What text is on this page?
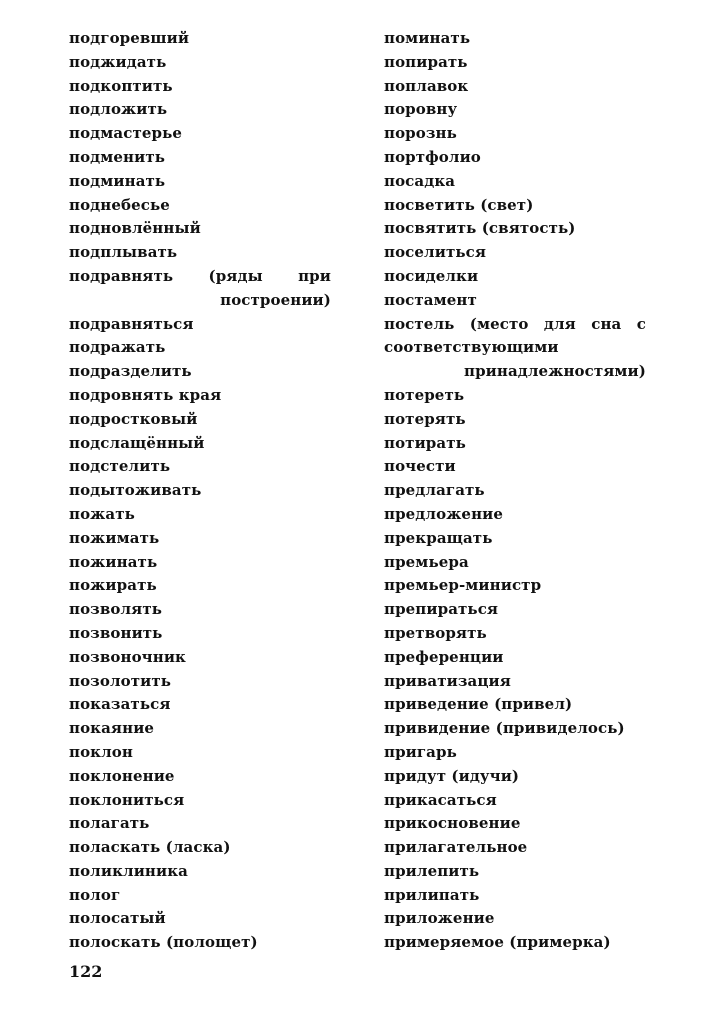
подгоревший
поджидать
подкоптить
подложить
подмастерье
подменить
подминать
поднебесье
подновлённый
подплывать
подравнять (ряды при построении)
подравняться
подражать
подразделить
подровнять края
подростковый
подслащённый
подстелить
подытоживать
пожать
пожимать
пожинать
пожирать
позволять
позвонить
позвоночник
позолотить
показаться
покаяние
поклон
поклонение
поклониться
полагать
поласкать (ласка)
поликлиника
полог
полосатый
полоскать (полощет)
поминать
попирать
поплавок
поровну
порознь
портфолио
посадка
посветить (свет)
посвятить (святость)
поселиться
посиделки
постамент
постель (место для сна с соответствующими принадлежностями)
потереть
потерять
потирать
почести
предлагать
предложение
прекращать
премьера
премьер-министр
препираться
претворять
преференции
приватизация
приведение (привел)
привидение (привиделось)
пригарь
придут (идучи)
прикасаться
прикосновение
прилагательное
прилепить
прилипать
приложение
примеряемое (примерка)
122
